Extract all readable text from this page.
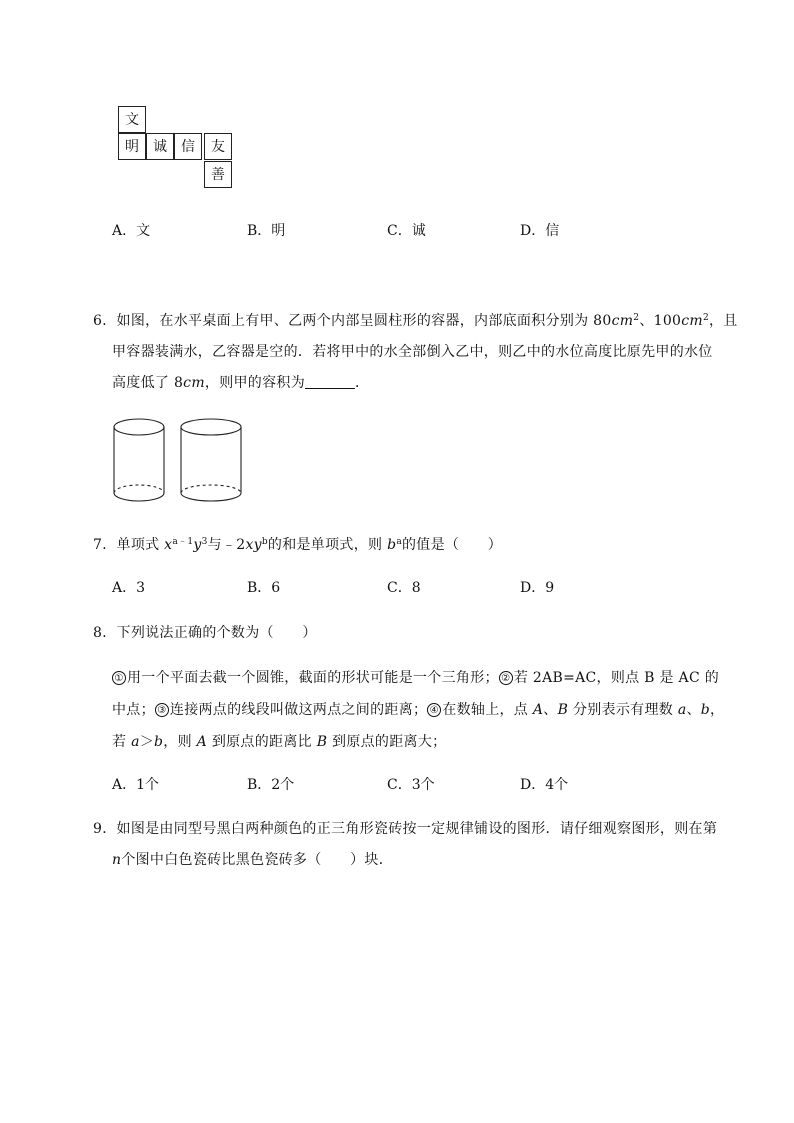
文
明	诚	信	友
善
A．文	B．明	C．诚	D．信
6．如图，在水平桌面上有甲、乙两个内部呈圆柱形的容器，内部底面积分别为 $80cm^2$、$100cm^2$，且
甲容器装满水，乙容器是空的．若将甲中的水全部倒入乙中，则乙中的水位高度比原先甲的水位
高度低了 8cm，则甲的容积为	．
7．单项式 $x^{a﹣1}y^3$与$﹣2xy^b$的和是单项式，则 $b^a$的值是（　　）
A．3	B．6	C．8	D．9
8．下列说法正确的个数为（　　）
① 用一个平面去截一个圆锥，截面的形状可能是一个三角形； ② 若 2AB=AC，则点 B 是 AC 的
中点； ③ 连接两点的线段叫做这两点之间的距离； ④ 在数轴上，点 A、B 分别表示有理数 a、b，
若 a＞b，则 A 到原点的距离比 B 到原点的距离大；
A．1个	B．2个	C．3个	D．4个
9．如图是由同型号黑白两种颜色的正三角形瓷砖按一定规律铺设的图形．请仔细观察图形，则在第
n个图中白色瓷砖比黑色瓷砖多（　　）块．
